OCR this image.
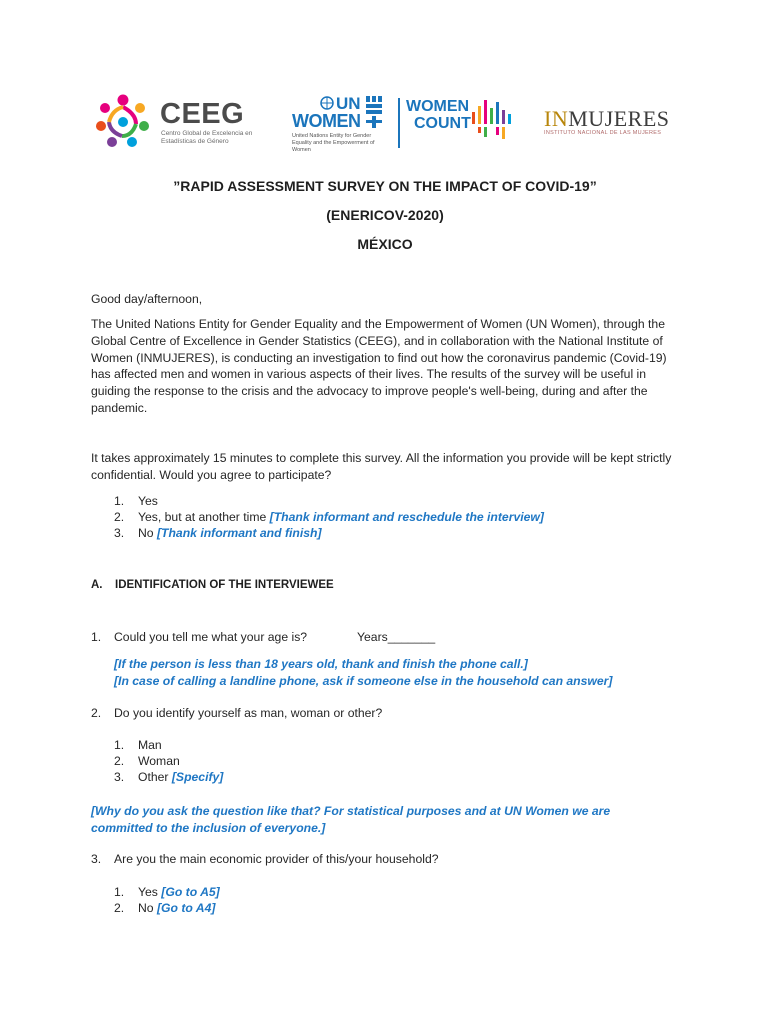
CEEG
Centro Global de Excelencia en Estadísticas de Género
UN
WOMEN
United Nations Entity for Gender Equality and the Empowerment of Women
WOMEN
COUNT	INMUJERES
INSTITUTO NACIONAL DE LAS MUJERES
”RAPID ASSESSMENT SURVEY ON THE IMPACT OF COVID-19”
(ENERICOV-2020)
MÉXICO
Good day/afternoon,
The United Nations Entity for Gender Equality and the Empowerment of Women (UN Women), through the Global Centre of Excellence in Gender Statistics (CEEG), and in collaboration with the National Institute of Women (INMUJERES), is conducting an investigation to find out how the coronavirus pandemic (Covid-19) has affected men and women in various aspects of their lives. The results of the survey will be useful in guiding the response to the crisis and the advocacy to improve people's well-being, during and after the pandemic.
It takes approximately 15 minutes to complete this survey. All the information you provide will be kept strictly confidential. Would you agree to participate?
1. Yes
2. Yes, but at another time [Thank informant and reschedule the interview]
3. No [Thank informant and finish]
A. IDENTIFICATION OF THE INTERVIEWEE
1. Could you tell me what your age is?	Years_______
[If the person is less than 18 years old, thank and finish the phone call.]
[In case of calling a landline phone, ask if someone else in the household can answer]
2. Do you identify yourself as man, woman or other?
1. Man
2. Woman
3. Other [Specify]
[Why do you ask the question like that? For statistical purposes and at UN Women we are committed to the inclusion of everyone.]
3. Are you the main economic provider of this/your household?
1. Yes [Go to A5]
2. No [Go to A4]
